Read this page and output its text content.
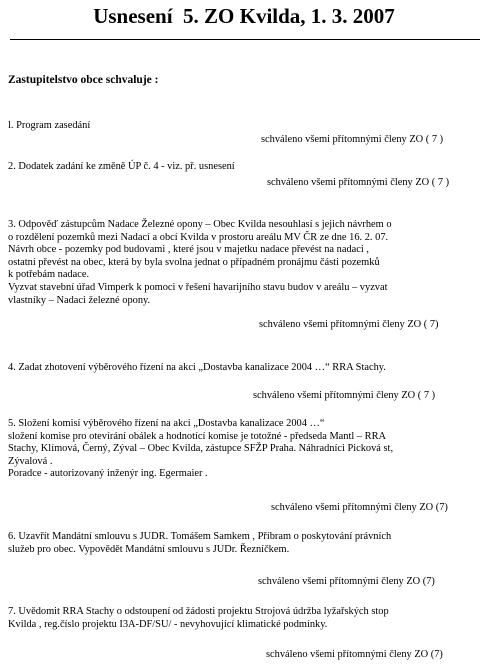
Usnesení  5. ZO Kvilda, 1. 3. 2007
Zastupitelstvo obce schvaluje :

l. Program zasedání

schváleno všemi přítomnými členy ZO ( 7 )

2. Dodatek zadání ke změně ÚP č. 4 - viz. př. usnesení

schváleno všemi přítomnými členy ZO ( 7 )

3. Odpověď zástupcům Nadace Železné opony – Obec Kvilda nesouhlasí s jejich návrhem o
o rozdělení pozemků mezi Nadací a obcí Kvilda v prostoru areálu MV ČR ze dne 16. 2. 07.
Návrh obce - pozemky pod budovami , které jsou v majetku nadace převést na nadaci ,
ostatní převést na obec, která by byla svolna jednat o případném pronájmu části pozemků
k potřebám nadace.
Vyzvat stavební úřad Vimperk k pomoci v řešení havarijního stavu budov v areálu – vyzvat
vlastníky – Nadaci železné opony.

schváleno všemi přítomnými členy ZO ( 7)

4. Zadat zhotovení výběrového řízení na akci „Dostavba kanalizace 2004 …“ RRA Stachy.

schváleno všemi přítomnými členy ZO ( 7 )

5. Složení komisí výběrového řízení na akci „Dostavba kanalizace 2004 …“
složení komise pro otevírání obálek a hodnotící komise je totožné - předseda Mantl – RRA
Stachy, Klímová, Černý, Zýval – Obec Kvilda, zástupce SFŽP Praha. Náhradníci Picková st,
Zývalová .
Poradce - autorizovaný inženýr ing. Egermaier .

schváleno všemi přítomnými členy ZO (7)

6. Uzavřít Mandátní smlouvu s JUDR. Tomášem Samkem , Příbram o poskytování právních
služeb pro obec. Vypovědět Mandátní smlouvu s JUDr. Řezníčkem.

schváleno všemi přítomnými členy ZO (7)

7. Uvědomit RRA Stachy o odstoupení od žádosti projektu Strojová údržba lyžařských stop
Kvilda , reg.číslo projektu I3A-DF/SU/ - nevyhovující klimatické podmínky.

schváleno všemi přítomnými členy ZO (7)
